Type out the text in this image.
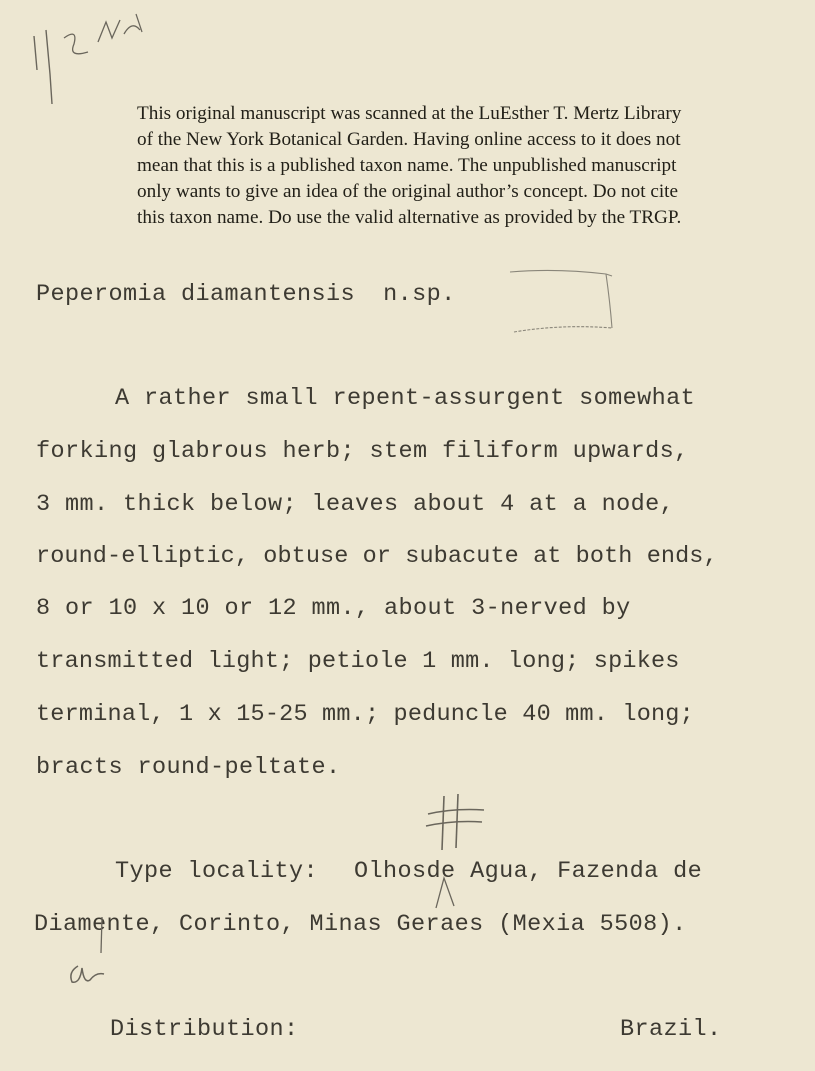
This original manuscript was scanned at the LuEsther T. Mertz Library
of the New York Botanical Garden. Having online access to it does not
mean that this is a published taxon name. The unpublished manuscript
only wants to give an idea of the original author’s concept. Do not cite
this taxon name. Do use the valid alternative as provided by the TRGP.
Peperomia diamantensis n.sp.
A rather small repent-assurgent somewhat
forking glabrous herb; stem filiform upwards,
3 mm. thick below; leaves about 4 at a node,
round-elliptic, obtuse or subacute at both ends,
8 or 10 x 10 or 12 mm., about 3-nerved by
transmitted light; petiole 1 mm. long; spikes
terminal, 1 x 15-25 mm.; peduncle 40 mm. long;
bracts round-peltate.
Type locality: Olhosde Agua, Fazenda de
Diamente, Corinto, Minas Geraes (Mexia 5508).
Distribution:	Brazil.
